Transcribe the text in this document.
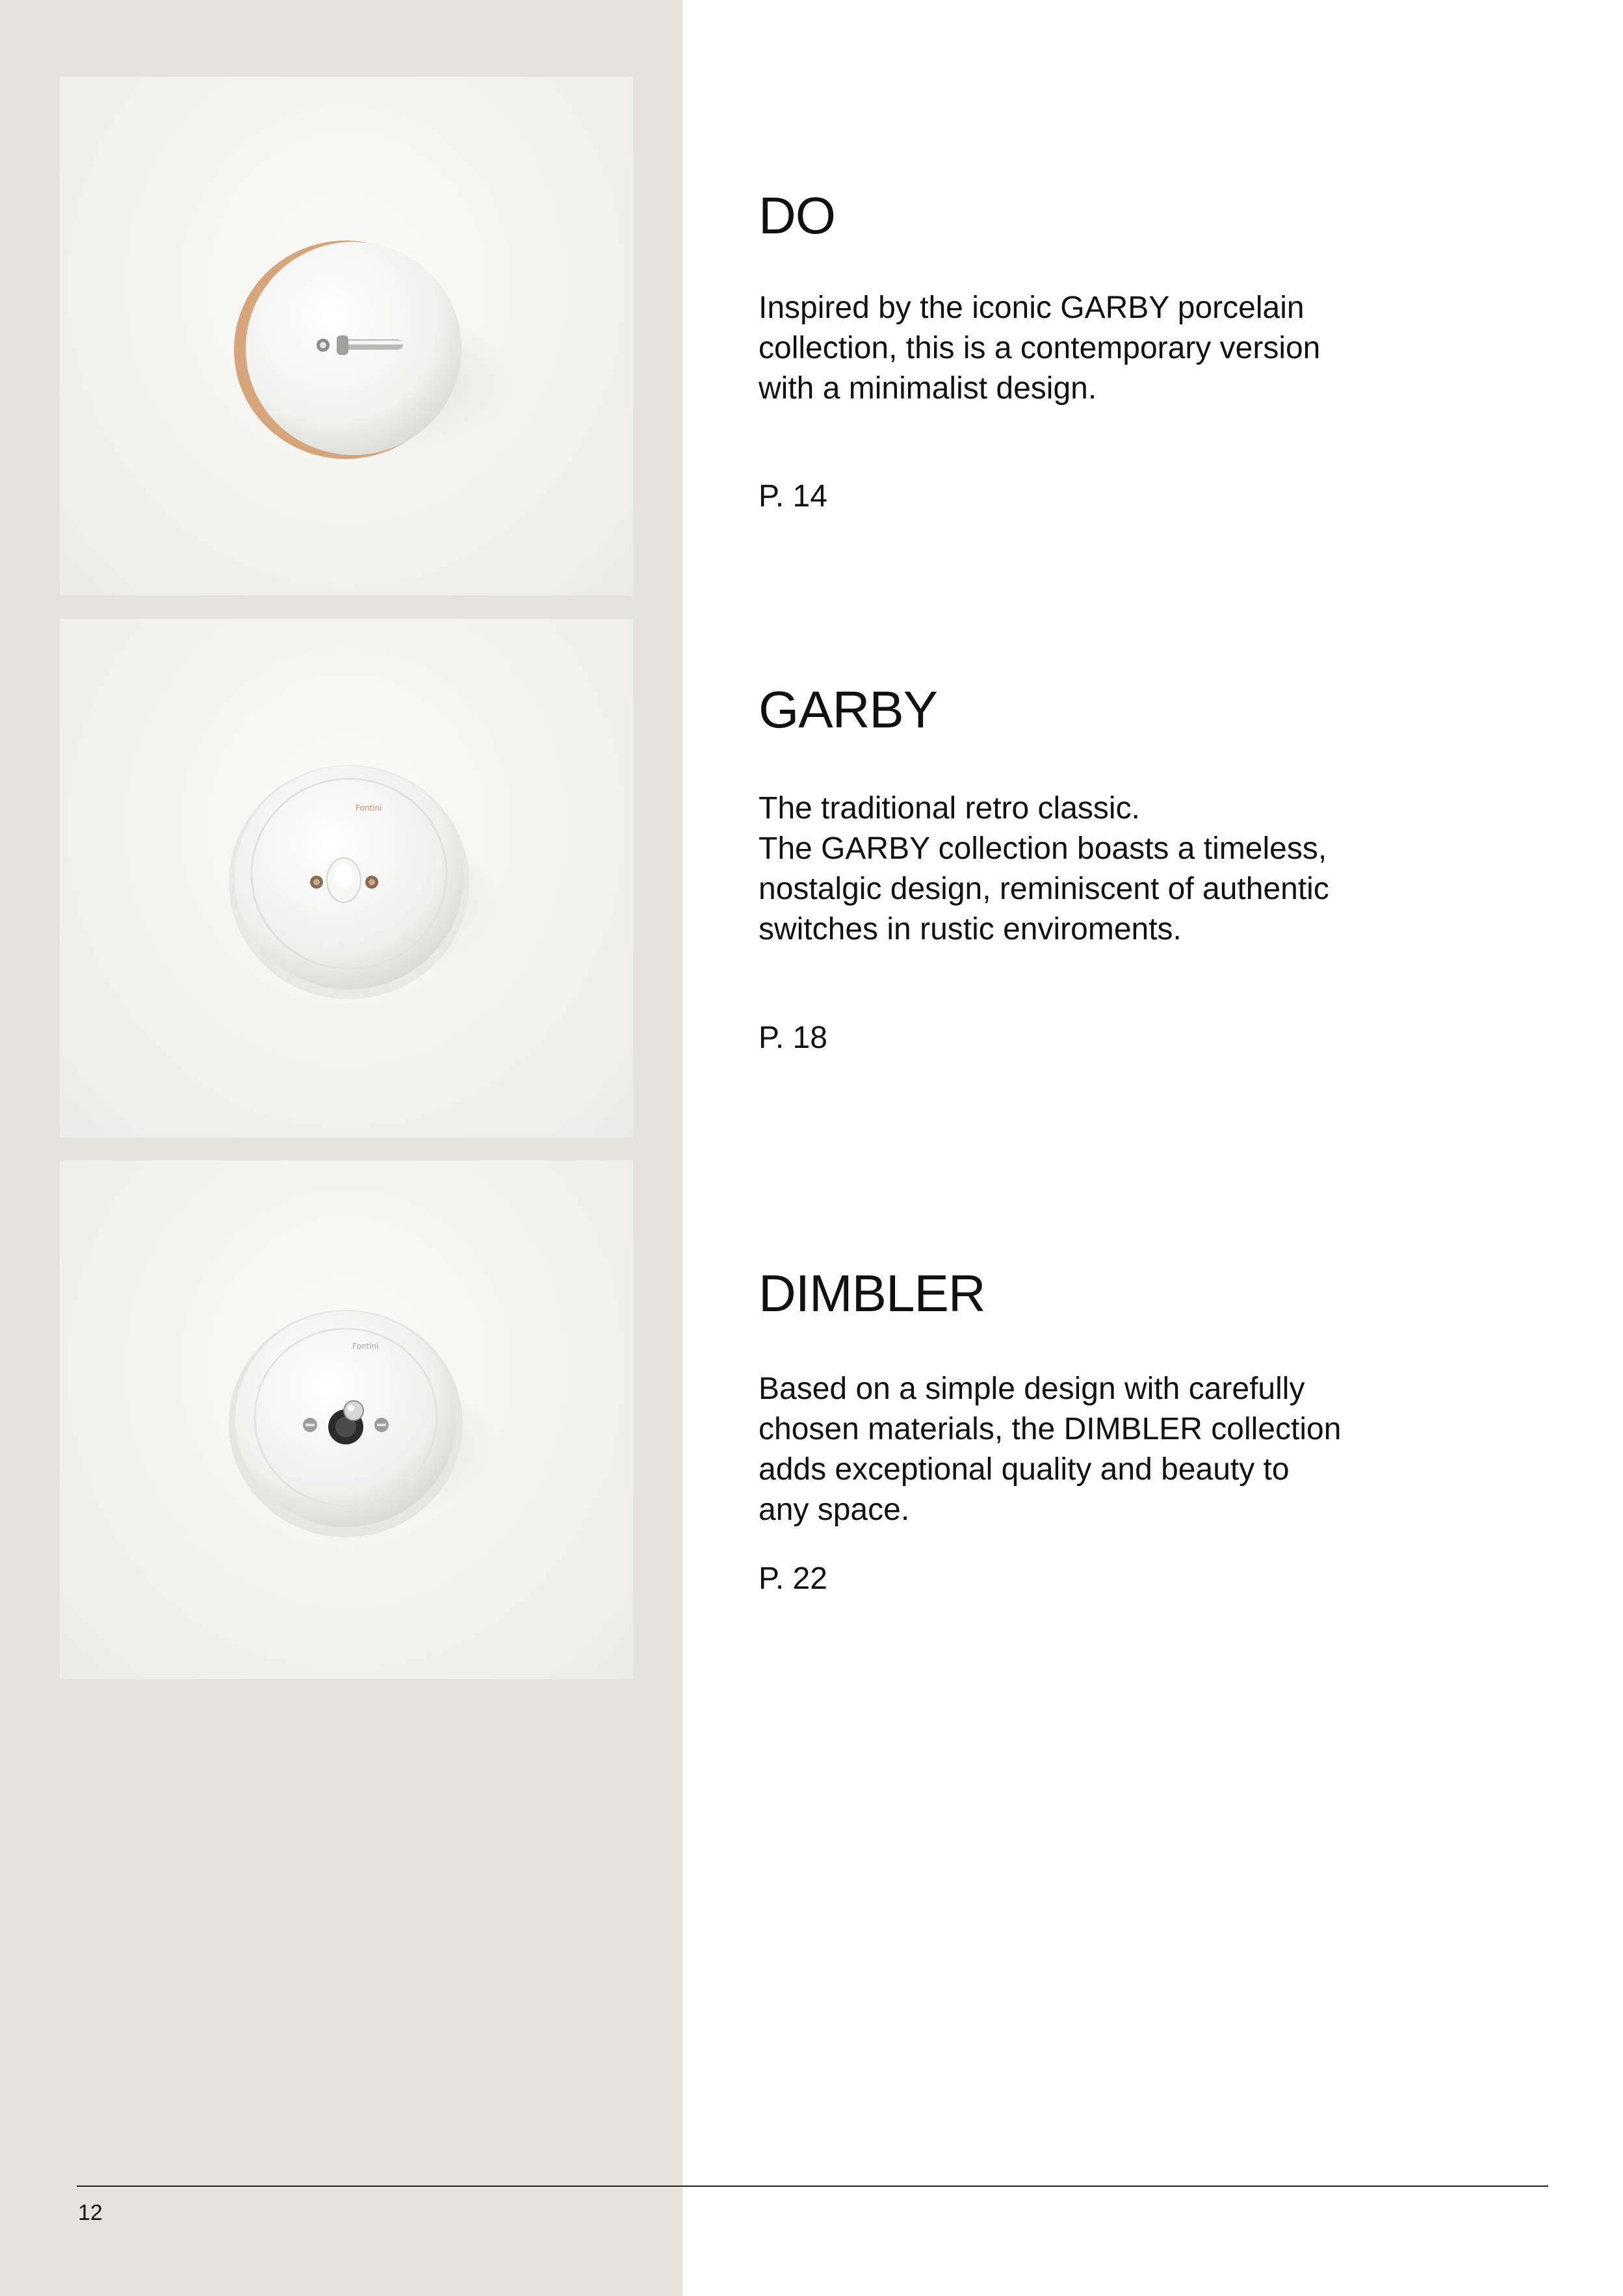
Fontini
Fontini
DO

Inspired by the iconic GARBY porcelain
collection, this is a contemporary version
with a minimalist design.

P. 14

GARBY

The traditional retro classic.
The GARBY collection boasts a timeless,
nostalgic design, reminiscent of authentic
switches in rustic enviroments.

P. 18

DIMBLER

Based on a simple design with carefully
chosen materials, the DIMBLER collection
adds exceptional quality and beauty to
any space.

P. 22

12
